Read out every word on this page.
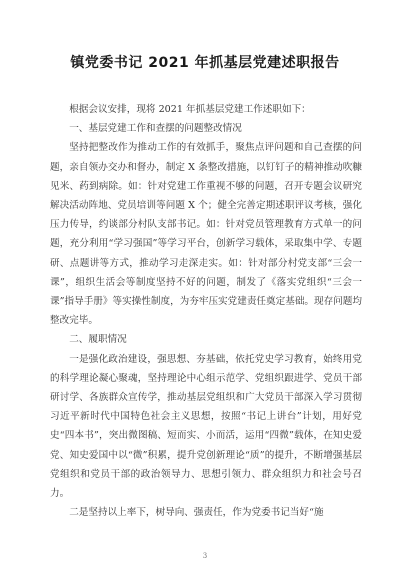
镇党委书记 2021 年抓基层党建述职报告

根据会议安排，现将 2021 年抓基层党建工作述职如下：

一、基层党建工作和查摆的问题整改情况

坚持把整改作为推动工作的有效抓手，聚焦点评问题和自己查摆的问题，亲自领办交办和督办，制定 X 条整改措施，以钉钉子的精神推动吹糠见米、药到病除。如：针对党建工作重视不够的问题，召开专题会议研究解决活动阵地、党员培训等问题 X 个；健全完善定期述职评议考核，强化压力传导，约谈部分村队支部书记。如：针对党员管理教育方式单一的问题，充分利用“学习强国”等学习平台，创新学习载体，采取集中学、专题研、点题讲等方式，推动学习走深走实。如：针对部分村党支部“三会一课”，组织生活会等制度坚持不好的问题，制发了《落实党组织“三会一课”指导手册》等实操性制度，为夯牢压实党建责任奠定基础。现存问题均整改完毕。

二、履职情况

一是强化政治建设，强思想、夯基础，依托党史学习教育，始终用党的科学理论凝心聚魂，坚持理论中心组示范学、党组织跟进学、党员干部研讨学、各族群众宣传学，推动基层党组织和广大党员干部深入学习贯彻习近平新时代中国特色社会主义思想，按照“书记上讲台”计划，用好党史“四本书”，突出微图稿、短而实、小而活，运用“四微”载体，在知史爱党、知史爱国中以“微”积累，提升党创新理论“质”的提升，不断增强基层党组织和党员干部的政治领导力、思想引领力、群众组织力和社会号召力。

二是坚持以上率下，树导向、强责任，作为党委书记当好“施

3
